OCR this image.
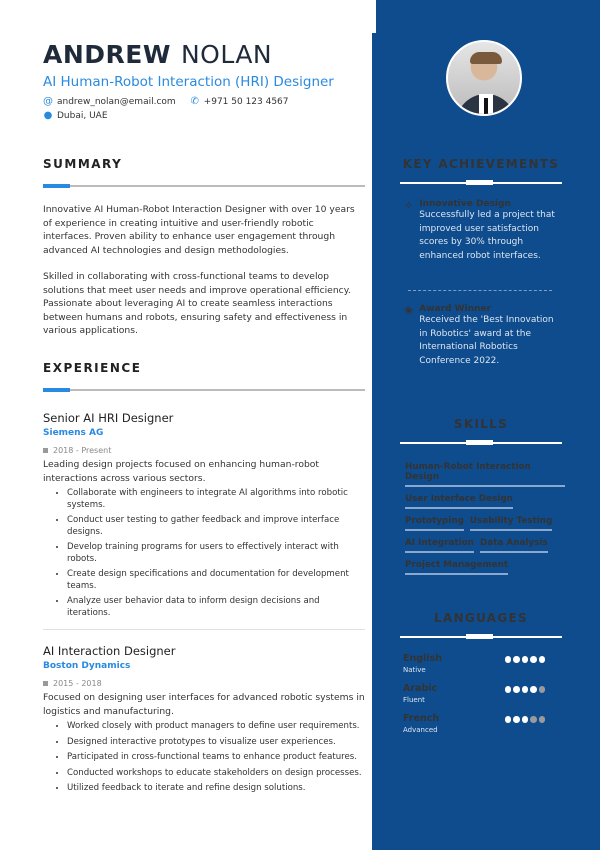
ANDREW NOLAN
AI Human-Robot Interaction (HRI) Designer
@ andrew_nolan@email.com ✆ +971 50 123 4567
● Dubai, UAE
SUMMARY

Innovative AI Human-Robot Interaction Designer with over 10 years of experience in creating intuitive and user-friendly robotic interfaces. Proven ability to enhance user engagement through advanced AI technologies and design methodologies.

Skilled in collaborating with cross-functional teams to develop solutions that meet user needs and improve operational efficiency. Passionate about leveraging AI to create seamless interactions between humans and robots, ensuring safety and effectiveness in various applications.

EXPERIENCE
Senior AI HRI Designer
Siemens AG
2018 - Present

Leading design projects focused on enhancing human-robot interactions across various sectors.

• Collaborate with engineers to integrate AI algorithms into robotic systems.
• Conduct user testing to gather feedback and improve interface designs.
• Develop training programs for users to effectively interact with robots.
• Create design specifications and documentation for development teams.
• Analyze user behavior data to inform design decisions and iterations.
AI Interaction Designer
Boston Dynamics
2015 - 2018

Focused on designing user interfaces for advanced robotic systems in logistics and manufacturing.

• Worked closely with product managers to define user requirements.
• Designed interactive prototypes to visualize user experiences.
• Participated in cross-functional teams to enhance product features.
• Conducted workshops to educate stakeholders on design processes.
• Utilized feedback to iterate and refine design solutions.
KEY ACHIEVEMENTS
✧ Innovative Design
Successfully led a project that improved user satisfaction scores by 30% through enhanced robot interfaces.
❀ Award Winner
Received the 'Best Innovation in Robotics' award at the International Robotics Conference 2022.
SKILLS
Human-Robot Interaction Design
User Interface Design
Prototyping Usability Testing
AI Integration Data Analysis
Project Management
LANGUAGES
English
Native
Arabic
Fluent
French
Advanced
